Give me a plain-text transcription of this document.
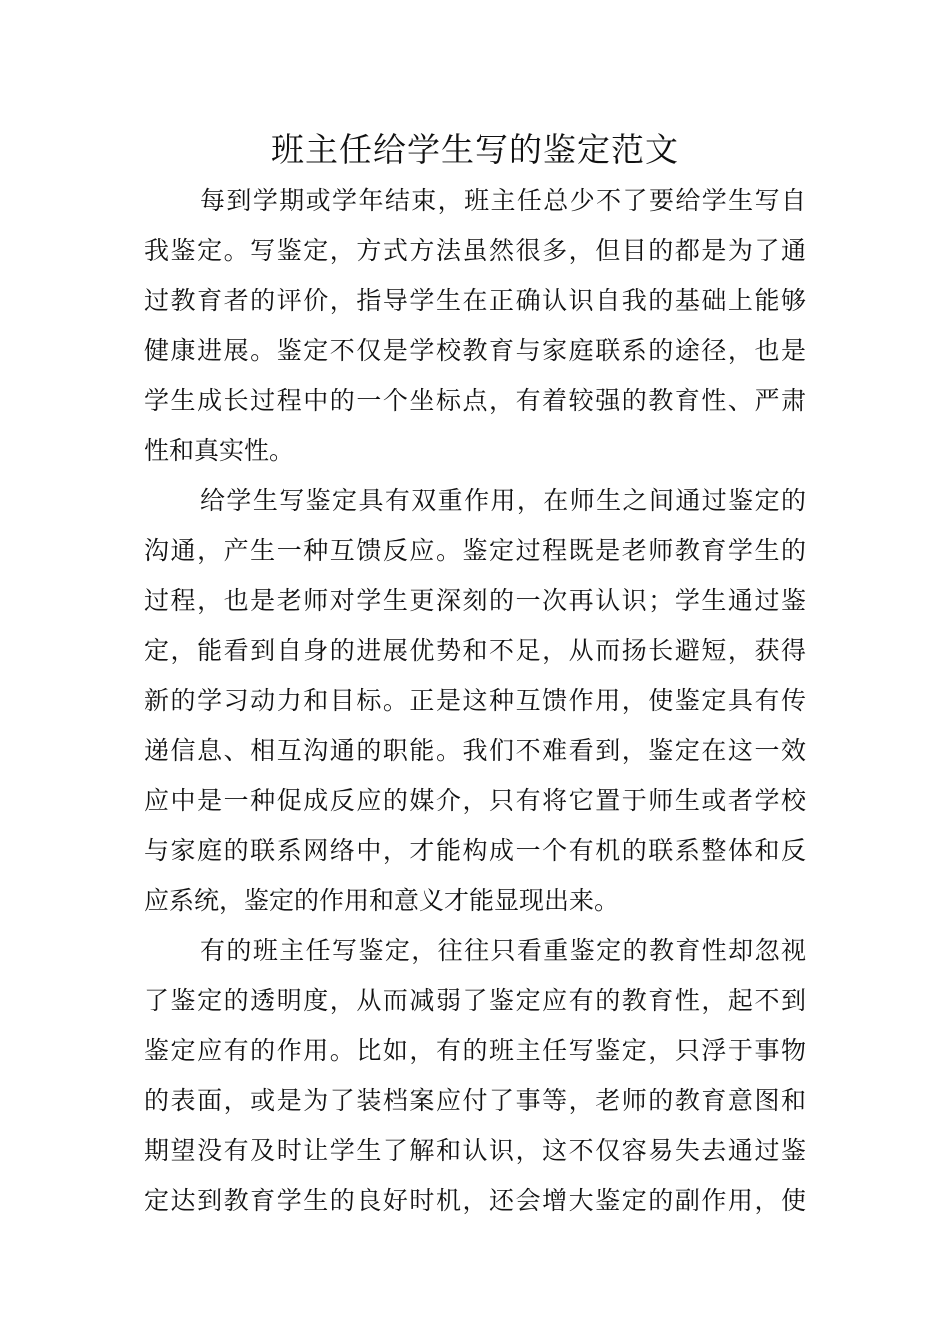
班主任给学生写的鉴定范文

每到学期或学年结束，班主任总少不了要给学生写自
我鉴定。写鉴定，方式方法虽然很多，但目的都是为了通
过教育者的评价，指导学生在正确认识自我的基础上能够
健康进展。鉴定不仅是学校教育与家庭联系的途径，也是
学生成长过程中的一个坐标点，有着较强的教育性、严肃
性和真实性。

给学生写鉴定具有双重作用，在师生之间通过鉴定的
沟通，产生一种互馈反应。鉴定过程既是老师教育学生的
过程，也是老师对学生更深刻的一次再认识；学生通过鉴
定，能看到自身的进展优势和不足，从而扬长避短，获得
新的学习动力和目标。正是这种互馈作用，使鉴定具有传
递信息、相互沟通的职能。我们不难看到，鉴定在这一效
应中是一种促成反应的媒介，只有将它置于师生或者学校
与家庭的联系网络中，才能构成一个有机的联系整体和反
应系统，鉴定的作用和意义才能显现出来。

有的班主任写鉴定，往往只看重鉴定的教育性却忽视
了鉴定的透明度，从而减弱了鉴定应有的教育性，起不到
鉴定应有的作用。比如，有的班主任写鉴定，只浮于事物
的表面，或是为了装档案应付了事等，老师的教育意图和
期望没有及时让学生了解和认识，这不仅容易失去通过鉴
定达到教育学生的良好时机，还会增大鉴定的副作用，使
